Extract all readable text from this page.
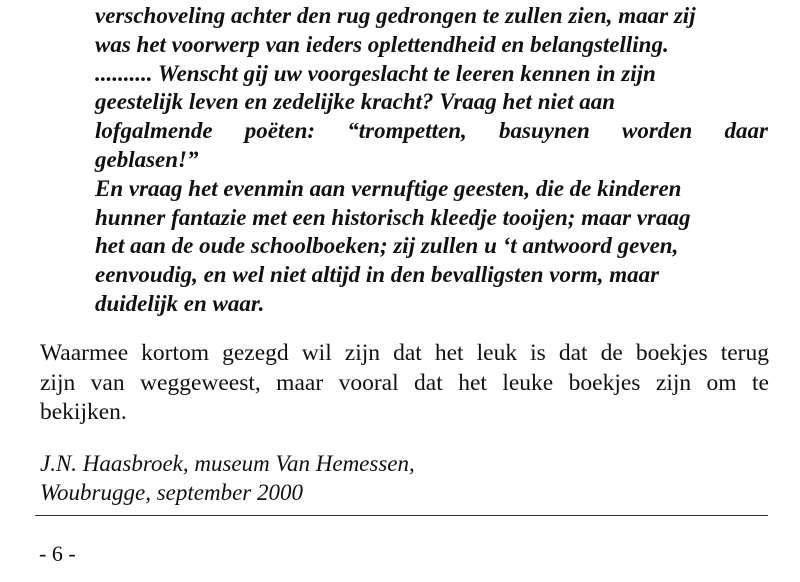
verschoveling achter den rug gedrongen te zullen zien, maar zij
was het voorwerp van ieders oplettendheid en belangstelling.
.......... Wenscht gij uw voorgeslacht te leeren kennen in zijn
geestelijk leven en zedelijke kracht? Vraag het niet aan
lofgalmende poëten: “trompetten, basuynen worden daar
geblasen!”
En vraag het evenmin aan vernuftige geesten, die de kinderen
hunner fantazie met een historisch kleedje tooijen; maar vraag
het aan de oude schoolboeken; zij zullen u ‘t antwoord geven,
eenvoudig, en wel niet altijd in den bevalligsten vorm, maar
duidelijk en waar.
Waarmee kortom gezegd wil zijn dat het leuk is dat de boekjes terug
zijn van weggeweest, maar vooral dat het leuke boekjes zijn om te
bekijken.
J.N. Haasbroek, museum Van Hemessen,
Woubrugge, september 2000
- 6 -
